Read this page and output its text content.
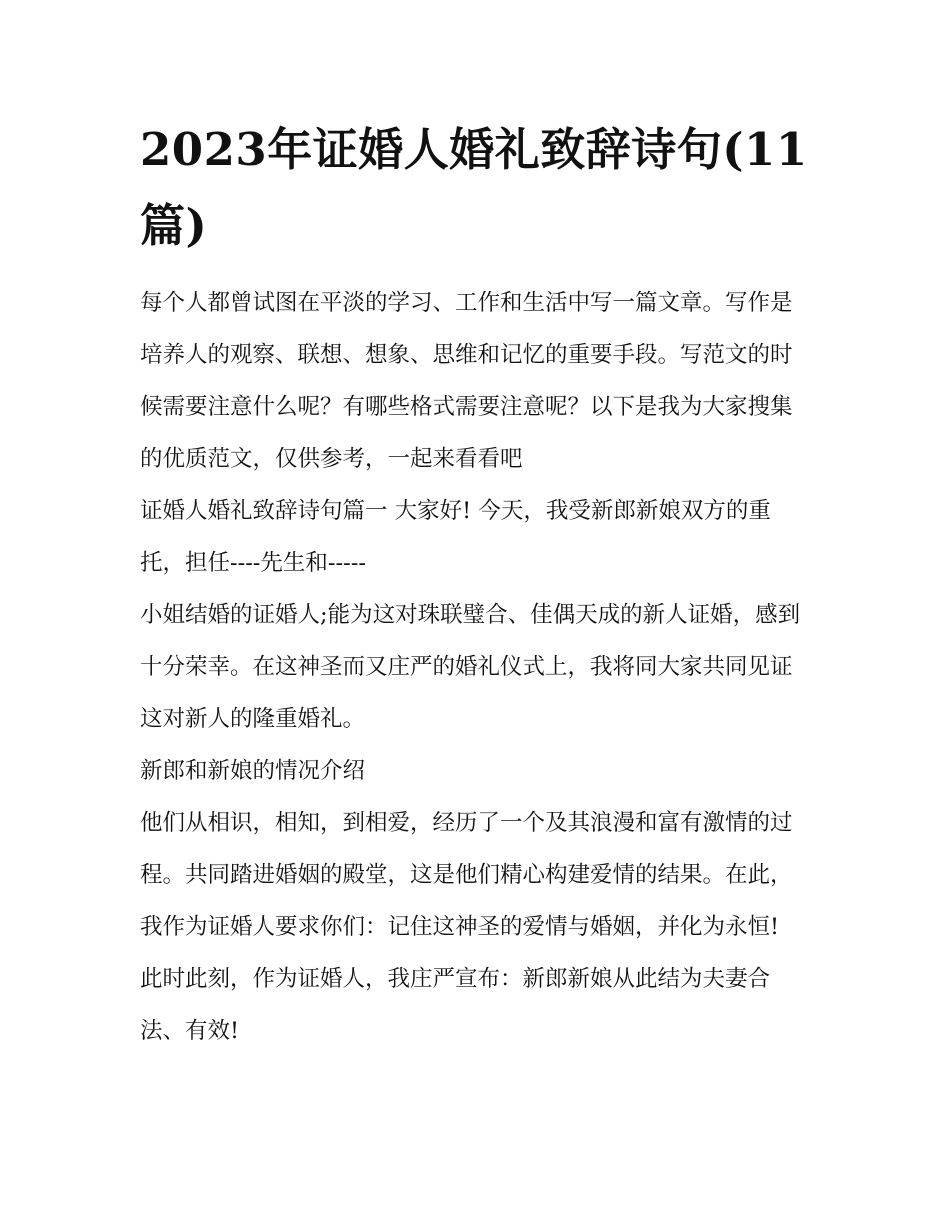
2023年证婚人婚礼致辞诗句(11篇)

每个人都曾试图在平淡的学习、工作和生活中写一篇文章。写作是培养人的观察、联想、想象、思维和记忆的重要手段。写范文的时候需要注意什么呢？有哪些格式需要注意呢？以下是我为大家搜集的优质范文，仅供参考，一起来看看吧

证婚人婚礼致辞诗句篇一 大家好! 今天，我受新郎新娘双方的重托，担任----先生和-----

小姐结婚的证婚人;能为这对珠联璧合、佳偶天成的新人证婚，感到十分荣幸。在这神圣而又庄严的婚礼仪式上，我将同大家共同见证这对新人的隆重婚礼。

新郎和新娘的情况介绍

他们从相识，相知，到相爱，经历了一个及其浪漫和富有激情的过程。共同踏进婚姻的殿堂，这是他们精心构建爱情的结果。在此，我作为证婚人要求你们：记住这神圣的爱情与婚姻，并化为永恒!

此时此刻，作为证婚人，我庄严宣布：新郎新娘从此结为夫妻合法、有效!
